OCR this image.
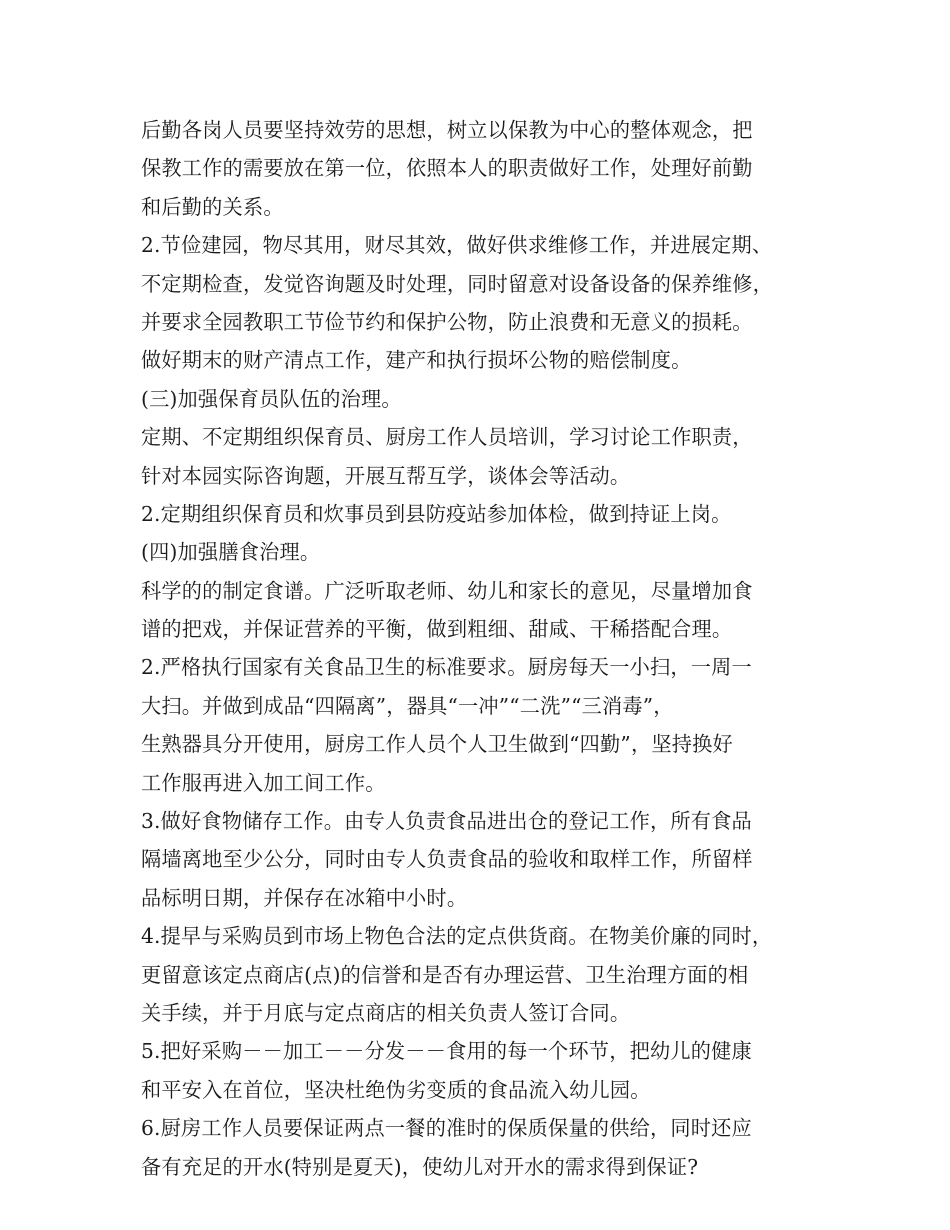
后勤各岗人员要坚持效劳的思想，树立以保教为中心的整体观念，把
保教工作的需要放在第一位，依照本人的职责做好工作，处理好前勤
和后勤的关系。
2.节俭建园，物尽其用，财尽其效，做好供求维修工作，并进展定期、
不定期检查，发觉咨询题及时处理，同时留意对设备设备的保养维修，
并要求全园教职工节俭节约和保护公物，防止浪费和无意义的损耗。
做好期末的财产清点工作，建产和执行损坏公物的赔偿制度。
(三)加强保育员队伍的治理。
定期、不定期组织保育员、厨房工作人员培训，学习讨论工作职责，
针对本园实际咨询题，开展互帮互学，谈体会等活动。
2.定期组织保育员和炊事员到县防疫站参加体检，做到持证上岗。
(四)加强膳食治理。
科学的的制定食谱。广泛听取老师、幼儿和家长的意见，尽量增加食
谱的把戏，并保证营养的平衡，做到粗细、甜咸、干稀搭配合理。
2.严格执行国家有关食品卫生的标准要求。厨房每天一小扫，一周一
大扫。并做到成品“四隔离”，器具“一冲”“二洗”“三消毒”，
生熟器具分开使用，厨房工作人员个人卫生做到“四勤”，坚持换好
工作服再进入加工间工作。
3.做好食物储存工作。由专人负责食品进出仓的登记工作，所有食品
隔墙离地至少公分，同时由专人负责食品的验收和取样工作，所留样
品标明日期，并保存在冰箱中小时。
4.提早与采购员到市场上物色合法的定点供货商。在物美价廉的同时，
更留意该定点商店(点)的信誉和是否有办理运营、卫生治理方面的相
关手续，并于月底与定点商店的相关负责人签订合同。
5.把好采购－－加工－－分发－－食用的每一个环节，把幼儿的健康
和平安入在首位，坚决杜绝伪劣变质的食品流入幼儿园。
6.厨房工作人员要保证两点一餐的准时的保质保量的供给，同时还应
备有充足的开水(特别是夏天)，使幼儿对开水的需求得到保证?
